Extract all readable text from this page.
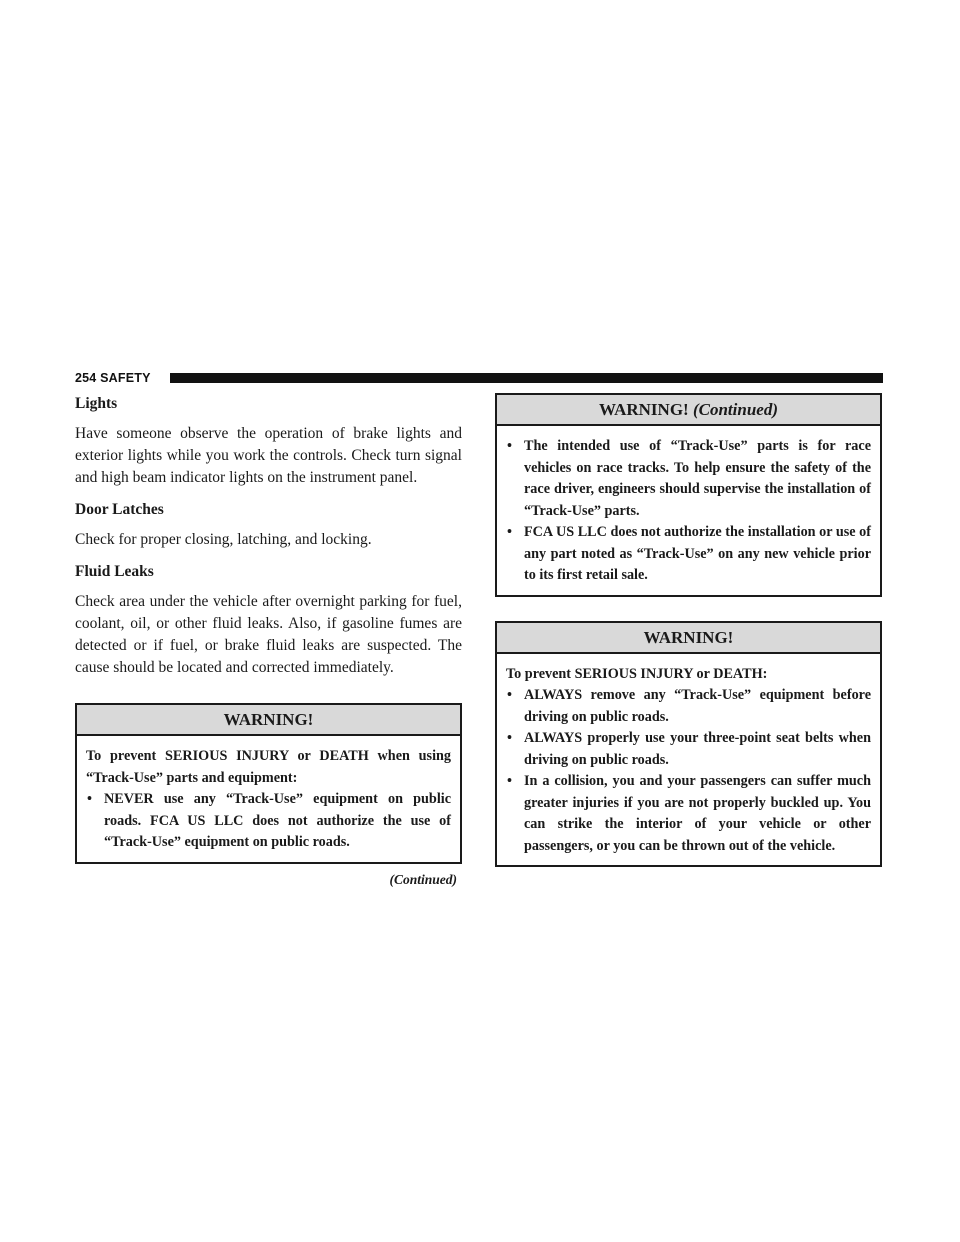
254 SAFETY
Lights

Have someone observe the operation of brake lights and exterior lights while you work the controls. Check turn signal and high beam indicator lights on the instrument panel.

Door Latches

Check for proper closing, latching, and locking.

Fluid Leaks

Check area under the vehicle after overnight parking for fuel, coolant, oil, or other fluid leaks. Also, if gasoline fumes are detected or if fuel, or brake fluid leaks are suspected. The cause should be located and corrected immediately.

WARNING!
To prevent SERIOUS INJURY or DEATH when using “Track-Use” parts and equipment:
• NEVER use any “Track-Use” equipment on public roads. FCA US LLC does not authorize the use of “Track-Use” equipment on public roads.
(Continued)
WARNING! (Continued)
• The intended use of “Track-Use” parts is for race vehicles on race tracks. To help ensure the safety of the race driver, engineers should supervise the installation of “Track-Use” parts.
• FCA US LLC does not authorize the installation or use of any part noted as “Track-Use” on any new vehicle prior to its first retail sale.
WARNING!
To prevent SERIOUS INJURY or DEATH:
• ALWAYS remove any “Track-Use” equipment before driving on public roads.
• ALWAYS properly use your three-point seat belts when driving on public roads.
• In a collision, you and your passengers can suffer much greater injuries if you are not properly buckled up. You can strike the interior of your vehicle or other passengers, or you can be thrown out of the vehicle.
